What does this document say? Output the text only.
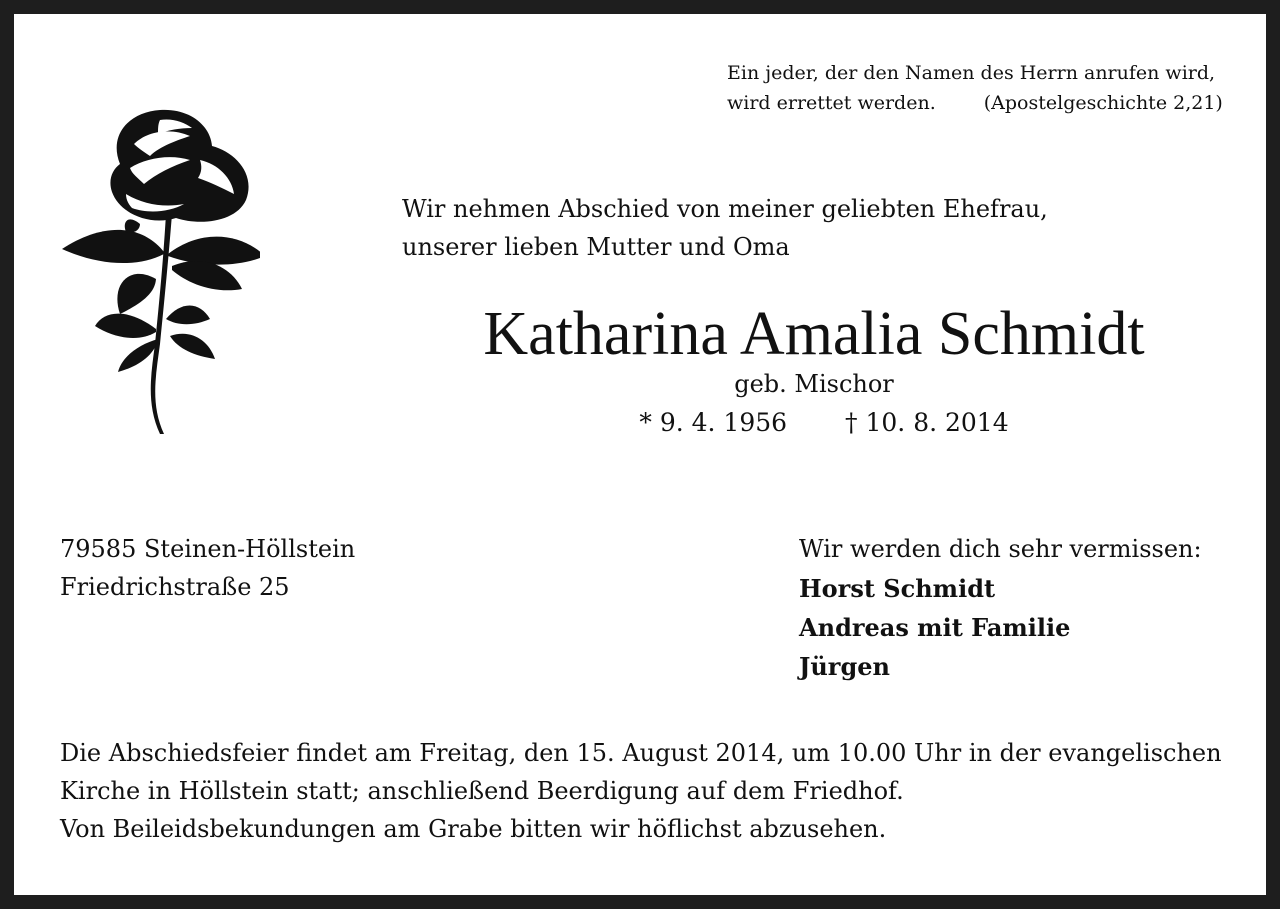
Ein jeder, der den Namen des Herrn anrufen wird,
wird errettet werden.	(Apostelgeschichte 2,21)
Wir nehmen Abschied von meiner geliebten Ehefrau,
unserer lieben Mutter und Oma
Katharina Amalia Schmidt
geb. Mischor
* 9. 4. 1956 † 10. 8. 2014
79585 Steinen-Höllstein
Friedrichstraße 25
Wir werden dich sehr vermissen:
Horst Schmidt
Andreas mit Familie
Jürgen
Die Abschiedsfeier findet am Freitag, den 15. August 2014, um 10.00 Uhr in der evangelischen
Kirche in Höllstein statt; anschließend Beerdigung auf dem Friedhof.
Von Beileidsbekundungen am Grabe bitten wir höflichst abzusehen.
